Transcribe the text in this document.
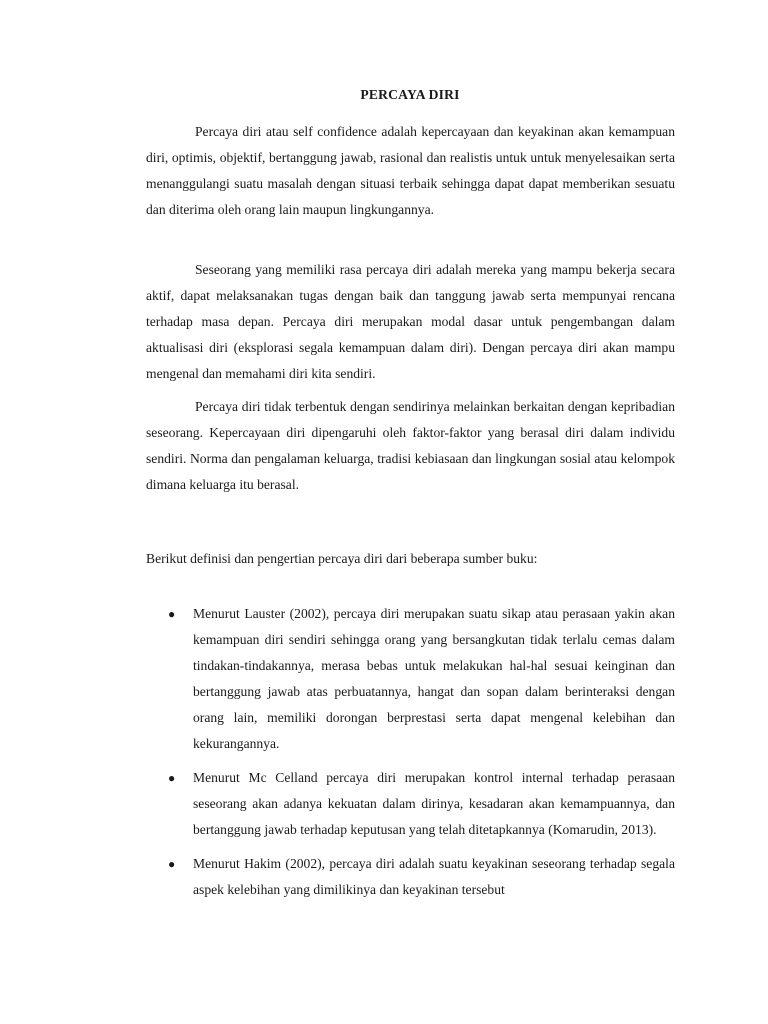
PERCAYA DIRI

Percaya diri atau self confidence adalah kepercayaan dan keyakinan akan kemampuan diri, optimis, objektif, bertanggung jawab, rasional dan realistis untuk untuk menyelesaikan serta menanggulangi suatu masalah dengan situasi terbaik sehingga dapat dapat memberikan sesuatu dan diterima oleh orang lain maupun lingkungannya.

Seseorang yang memiliki rasa percaya diri adalah mereka yang mampu bekerja secara aktif, dapat melaksanakan tugas dengan baik dan tanggung jawab serta mempunyai rencana terhadap masa depan. Percaya diri merupakan modal dasar untuk pengembangan dalam aktualisasi diri (eksplorasi segala kemampuan dalam diri). Dengan percaya diri akan mampu mengenal dan memahami diri kita sendiri.

Percaya diri tidak terbentuk dengan sendirinya melainkan berkaitan dengan kepribadian seseorang. Kepercayaan diri dipengaruhi oleh faktor-faktor yang berasal diri dalam individu sendiri. Norma dan pengalaman keluarga, tradisi kebiasaan dan lingkungan sosial atau kelompok dimana keluarga itu berasal.

Berikut definisi dan pengertian percaya diri dari beberapa sumber buku:

● Menurut Lauster (2002), percaya diri merupakan suatu sikap atau perasaan yakin akan kemampuan diri sendiri sehingga orang yang bersangkutan tidak terlalu cemas dalam tindakan-tindakannya, merasa bebas untuk melakukan hal-hal sesuai keinginan dan bertanggung jawab atas perbuatannya, hangat dan sopan dalam berinteraksi dengan orang lain, memiliki dorongan berprestasi serta dapat mengenal kelebihan dan kekurangannya.
● Menurut Mc Celland percaya diri merupakan kontrol internal terhadap perasaan seseorang akan adanya kekuatan dalam dirinya, kesadaran akan kemampuannya, dan bertanggung jawab terhadap keputusan yang telah ditetapkannya (Komarudin, 2013).
● Menurut Hakim (2002), percaya diri adalah suatu keyakinan seseorang terhadap segala aspek kelebihan yang dimilikinya dan keyakinan tersebut
